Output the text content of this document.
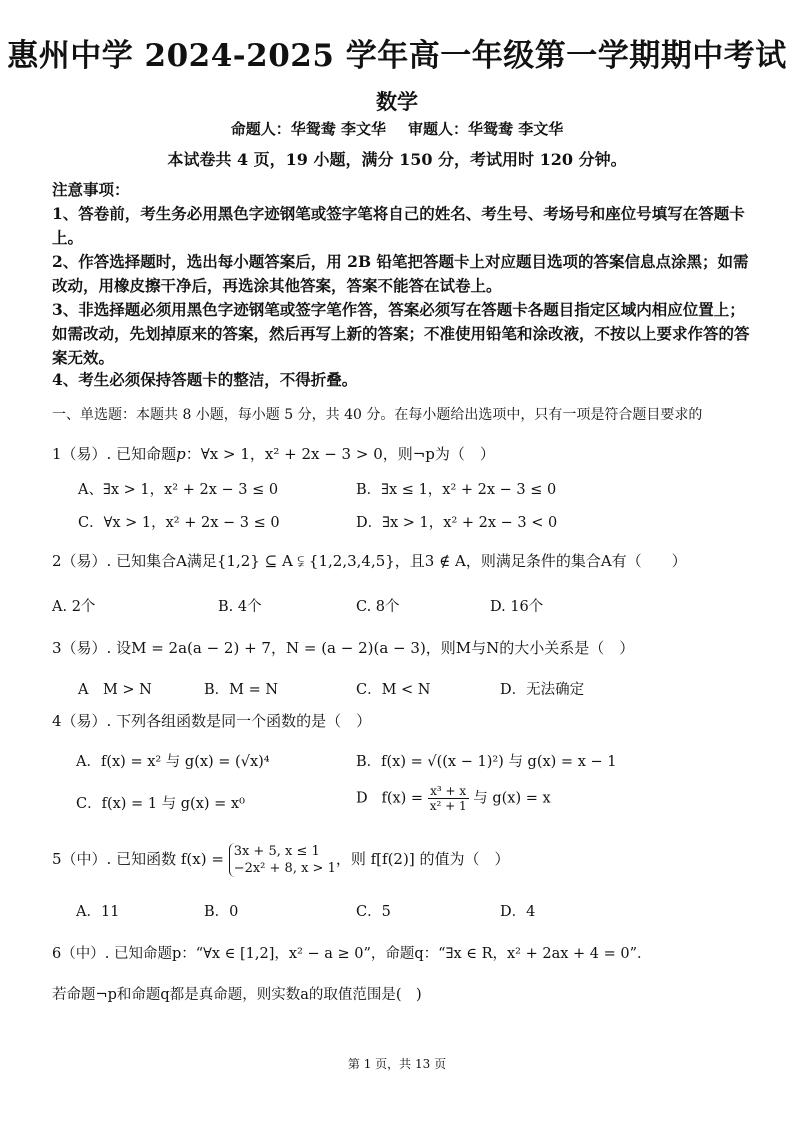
惠州中学 2024-2025 学年高一年级第一学期期中考试
数学
命题人：华鸳鸯 李文华 审题人：华鸳鸯 李文华
本试卷共 4 页，19 小题，满分 150 分，考试用时 120 分钟。
注意事项：
1、答卷前，考生务必用黑色字迹钢笔或签字笔将自己的姓名、考生号、考场号和座位号填写在答题卡上。
2、作答选择题时，选出每小题答案后，用 2B 铅笔把答题卡上对应题目选项的答案信息点涂黑；如需改动，用橡皮擦干净后，再选涂其他答案，答案不能答在试卷上。
3、非选择题必须用黑色字迹钢笔或签字笔作答，答案必须写在答题卡各题目指定区域内相应位置上；如需改动，先划掉原来的答案，然后再写上新的答案；不准使用铅笔和涂改液，不按以上要求作答的答案无效。
4、考生必须保持答题卡的整洁，不得折叠。
一、单选题：本题共 8 小题，每小题 5 分，共 40 分。在每小题给出选项中，只有一项是符合题目要求的
1（易）. 已知命题p：∀x > 1，x² + 2x − 3 > 0，则¬p为（　）
A、∃x > 1，x² + 2x − 3 ≤ 0	B．∃x ≤ 1，x² + 2x − 3 ≤ 0
C．∀x > 1，x² + 2x − 3 ≤ 0	D．∃x > 1，x² + 2x − 3 < 0
2（易）. 已知集合A满足{1,2} ⊆ A ⫋ {1,2,3,4,5}，且3 ∉ A，则满足条件的集合A有（　　）
A. 2个	B. 4个	C. 8个	D. 16个
3（易）. 设M = 2a(a − 2) + 7，N = (a − 2)(a − 3)，则M与N的大小关系是（　）
A　M > N	B．M = N	C．M < N	D．无法确定
4（易）. 下列各组函数是同一个函数的是（　）
A．f(x) = x² 与 g(x) = (√x)⁴	B．f(x) = √((x − 1)²) 与 g(x) = x − 1
C．f(x) = 1 与 g(x) = x⁰	D $f(x) = \frac{\text{x³ + x}}{\text{x² + 1}}$ 与 g(x) = x
5（中）. 已知函数 f(x) = 3x + 5, x ≤ 1
−2x² + 8, x > 1
，则 f[f(2)] 的值为（　）
A．11	B．0	C．5	D．4
6（中）. 已知命题p：“∀x ∈ [1,2]，x² − a ≥ 0”，命题q：“∃x ∈ R，x² + 2ax + 4 = 0”．
若命题¬p和命题q都是真命题，则实数a的取值范围是(　)
第 1 页，共 13 页
